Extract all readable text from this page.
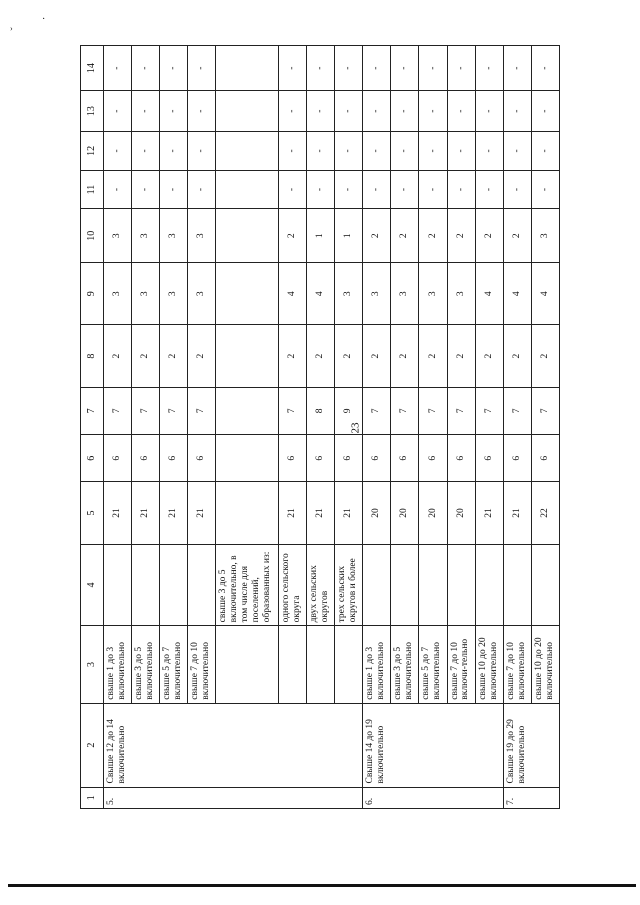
·
›
23
1	2	3	4	5	6	7	8	9	10	11	12	13	14
5.	Свыше 12 до 14 включительно	свыше 1 до 3 включительно		21	6	7	2	3	3	-	-	-	-
		свыше 3 до 5 включительно		21	6	7	2	3	3	-	-	-	-
		свыше 5 до 7 включительно		21	6	7	2	3	3	-	-	-	-
		свыше 7 до 10 включительно		21	6	7	2	3	3	-	-	-	-
			свыше 3 до 5 включительно, в том числе для поселений, образованных из:										
			одного сельского округа	21	6	7	2	4	2	-	-	-	-
			двух сельских округов	21	6	8	2	4	1	-	-	-	-
			трех сельских округов и более	21	6	9	2	3	1	-	-	-	-
6.	Свыше 14 до 19 включительно	свыше 1 до 3 включительно		20	6	7	2	3	2	-	-	-	-
		свыше 3 до 5 включительно		20	6	7	2	3	2	-	-	-	-
		свыше 5 до 7 включительно		20	6	7	2	3	2	-	-	-	-
		свыше 7 до 10 включи-тельно		20	6	7	2	3	2	-	-	-	-
		свыше 10 до 20 включительно		21	6	7	2	4	2	-	-	-	-
7.	Свыше 19 до 29 включительно	свыше 7 до 10 включительно		21	6	7	2	4	2	-	-	-	-
		свыше 10 до 20 включительно		22	6	7	2	4	3	-	-	-	-
